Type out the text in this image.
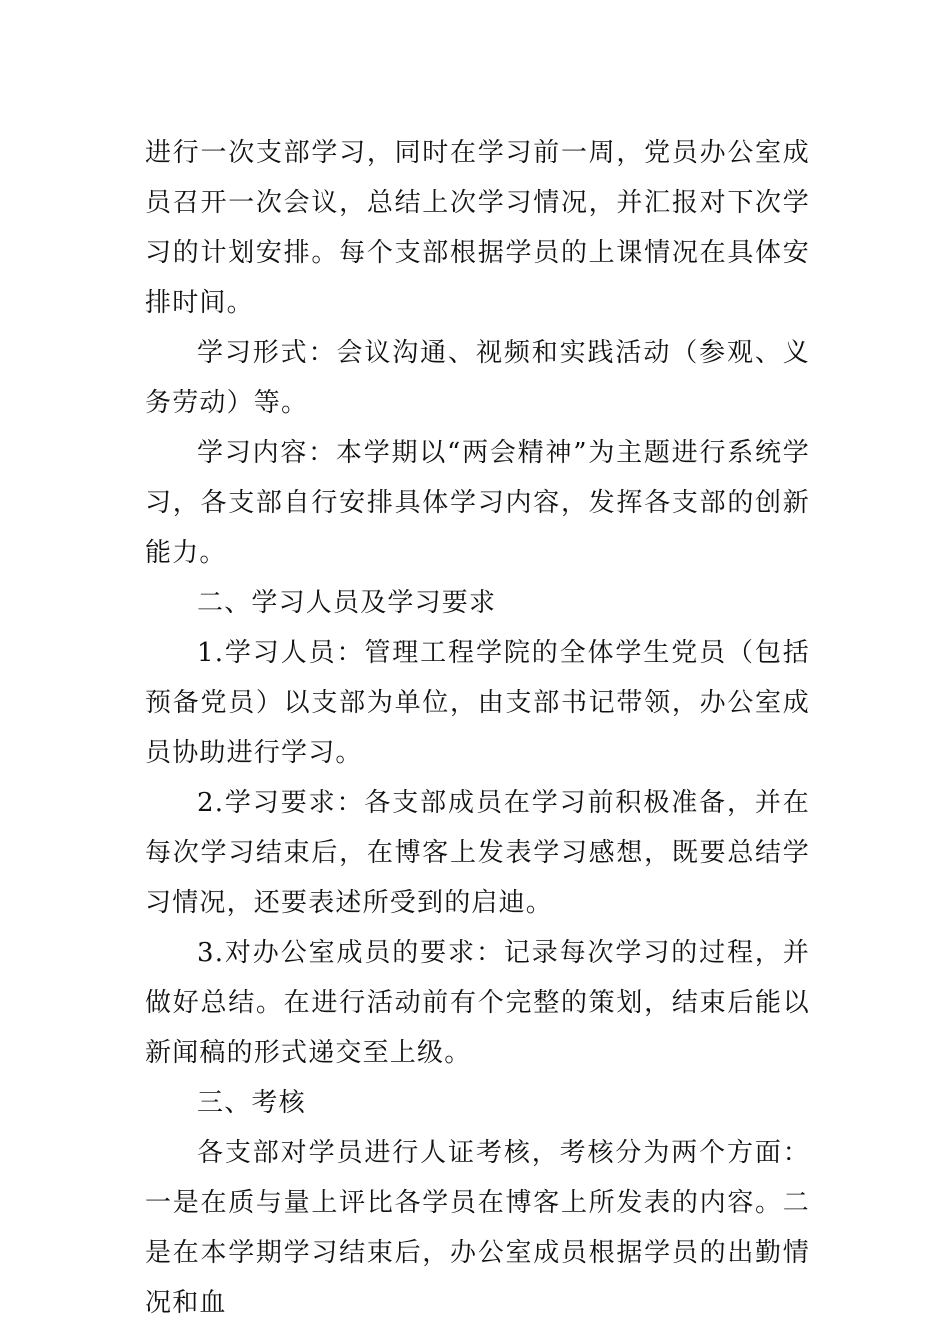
进行一次支部学习，同时在学习前一周，党员办公室成员召开一次会议，总结上次学习情况，并汇报对下次学习的计划安排。每个支部根据学员的上课情况在具体安排时间。

学习形式：会议沟通、视频和实践活动（参观、义务劳动）等。

学习内容：本学期以“两会精神”为主题进行系统学习，各支部自行安排具体学习内容，发挥各支部的创新能力。

二、学习人员及学习要求

1.学习人员：管理工程学院的全体学生党员（包括预备党员）以支部为单位，由支部书记带领，办公室成员协助进行学习。

2.学习要求：各支部成员在学习前积极准备，并在每次学习结束后，在博客上发表学习感想，既要总结学习情况，还要表述所受到的启迪。

3.对办公室成员的要求：记录每次学习的过程，并做好总结。在进行活动前有个完整的策划，结束后能以新闻稿的形式递交至上级。

三、考核

各支部对学员进行人证考核，考核分为两个方面：一是在质与量上评比各学员在博客上所发表的内容。二是在本学期学习结束后，办公室成员根据学员的出勤情况和血
